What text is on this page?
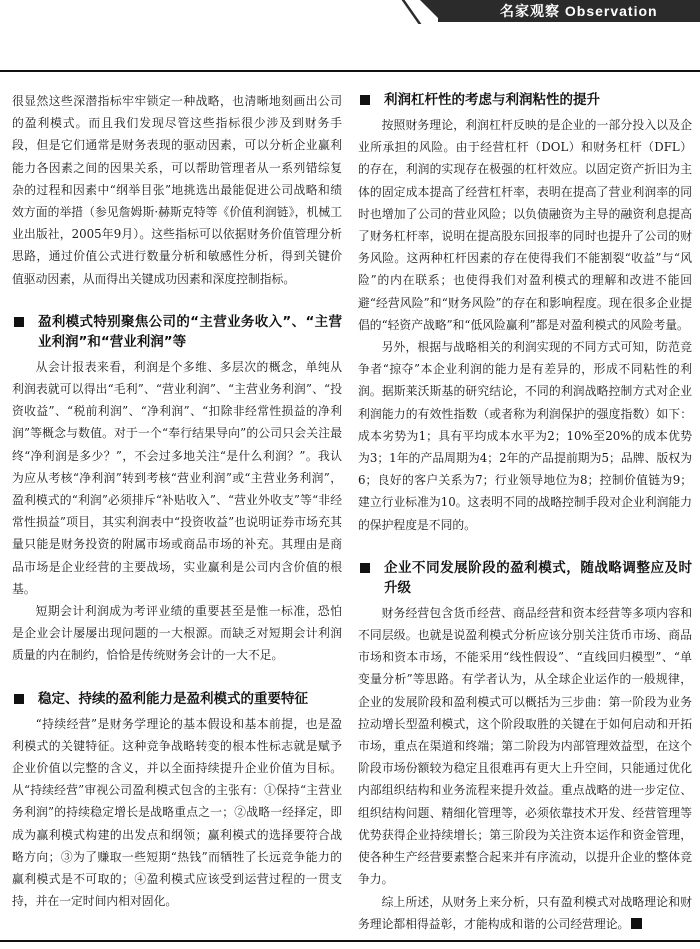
名家观察 Observation

很显然这些深潜指标牢牢锁定一种战略，也清晰地刻画出公司的盈利模式。而且我们发现尽管这些指标很少涉及到财务手段，但是它们通常是财务表现的驱动因素，可以分析企业赢利能力各因素之间的因果关系，可以帮助管理者从一系列错综复杂的过程和因素中“纲举目张”地挑选出最能促进公司战略和绩效方面的举措（参见詹姆斯·赫斯克特等《价值利润链》，机械工业出版社，2005年9月）。这些指标可以依据财务价值管理分析思路，通过价值公式进行数量分析和敏感性分析，得到关键价值驱动因素，从而得出关键成功因素和深度控制指标。

盈利模式特别聚焦公司的“主营业务收入”、“主营业利润”和“营业利润”等

从会计报表来看，利润是个多维、多层次的概念，单纯从利润表就可以得出“毛利”、“营业利润”、“主营业务利润”、“投资收益”、“税前利润”、“净利润”、“扣除非经常性损益的净利润”等概念与数值。对于一个“奉行结果导向”的公司只会关注最终“净利润是多少？”，不会过多地关注“是什么利润？”。我认为应从考核“净利润”转到考核“营业利润”或“主营业务利润”，盈利模式的“利润”必须排斥“补贴收入”、“营业外收支”等“非经常性损益”项目，其实利润表中“投资收益”也说明证券市场充其量只能是财务投资的附属市场或商品市场的补充。其理由是商品市场是企业经营的主要战场，实业赢利是公司内含价值的根基。

短期会计利润成为考评业绩的重要甚至是惟一标准，恐怕是企业会计屡屡出现问题的一大根源。而缺乏对短期会计利润质量的内在制约，恰恰是传统财务会计的一大不足。

稳定、持续的盈利能力是盈利模式的重要特征

“持续经营”是财务学理论的基本假设和基本前提，也是盈利模式的关键特征。这种竞争战略转变的根本性标志就是赋予企业价值以完整的含义，并以全面持续提升企业价值为目标。从“持续经营”审视公司盈利模式包含的主张有：①保持“主营业务利润”的持续稳定增长是战略重点之一；②战略一经择定，即成为赢利模式构建的出发点和纲领；赢利模式的选择要符合战略方向；③为了赚取一些短期“热钱”而牺牲了长远竞争能力的赢利模式是不可取的；④盈利模式应该受到运营过程的一贯支持，并在一定时间内相对固化。

利润杠杆性的考虑与利润粘性的提升

按照财务理论，利润杠杆反映的是企业的一部分投入以及企业所承担的风险。由于经营杠杆（DOL）和财务杠杆（DFL）的存在，利润的实现存在极强的杠杆效应。以固定资产折旧为主体的固定成本提高了经营杠杆率，表明在提高了营业利润率的同时也增加了公司的营业风险；以负债融资为主导的融资利息提高了财务杠杆率，说明在提高股东回报率的同时也提升了公司的财务风险。这两种杠杆因素的存在使得我们不能割裂“收益”与“风险”的内在联系；也使得我们对盈利模式的理解和改进不能回避“经营风险”和“财务风险”的存在和影响程度。现在很多企业提倡的“轻资产战略”和“低风险赢利”都是对盈利模式的风险考量。

另外，根据与战略相关的利润实现的不同方式可知，防范竞争者“掠夺”本企业利润的能力是有差异的，形成不同粘性的利润。据斯莱沃斯基的研究结论，不同的利润战略控制方式对企业利润能力的有效性指数（或者称为利润保护的强度指数）如下：成本劣势为1；具有平均成本水平为2；10%至20%的成本优势为3；1年的产品周期为4；2年的产品提前期为5；品牌、版权为6；良好的客户关系为7；行业领导地位为8；控制价值链为9；建立行业标准为10。这表明不同的战略控制手段对企业利润能力的保护程度是不同的。

企业不同发展阶段的盈利模式，随战略调整应及时升级

财务经营包含货币经营、商品经营和资本经营等多项内容和不同层级。也就是说盈利模式分析应该分别关注货币市场、商品市场和资本市场，不能采用“线性假设”、“直线回归模型”、“单变量分析”等思路。有学者认为，从全球企业运作的一般规律，企业的发展阶段和盈利模式可以概括为三步曲：第一阶段为业务拉动增长型盈利模式，这个阶段取胜的关键在于如何启动和开拓市场，重点在渠道和终端；第二阶段为内部管理效益型，在这个阶段市场份额较为稳定且很难再有更大上升空间，只能通过优化内部组织结构和业务流程来提升效益。重点战略的进一步定位、组织结构问题、精细化管理等，必须依靠技术开发、经营管理等优势获得企业持续增长；第三阶段为关注资本运作和资金管理，使各种生产经营要素整合起来并有序流动，以提升企业的整体竞争力。

综上所述，从财务上来分析，只有盈利模式对战略理论和财务理论都相得益彰，才能构成和谐的公司经营理论。
